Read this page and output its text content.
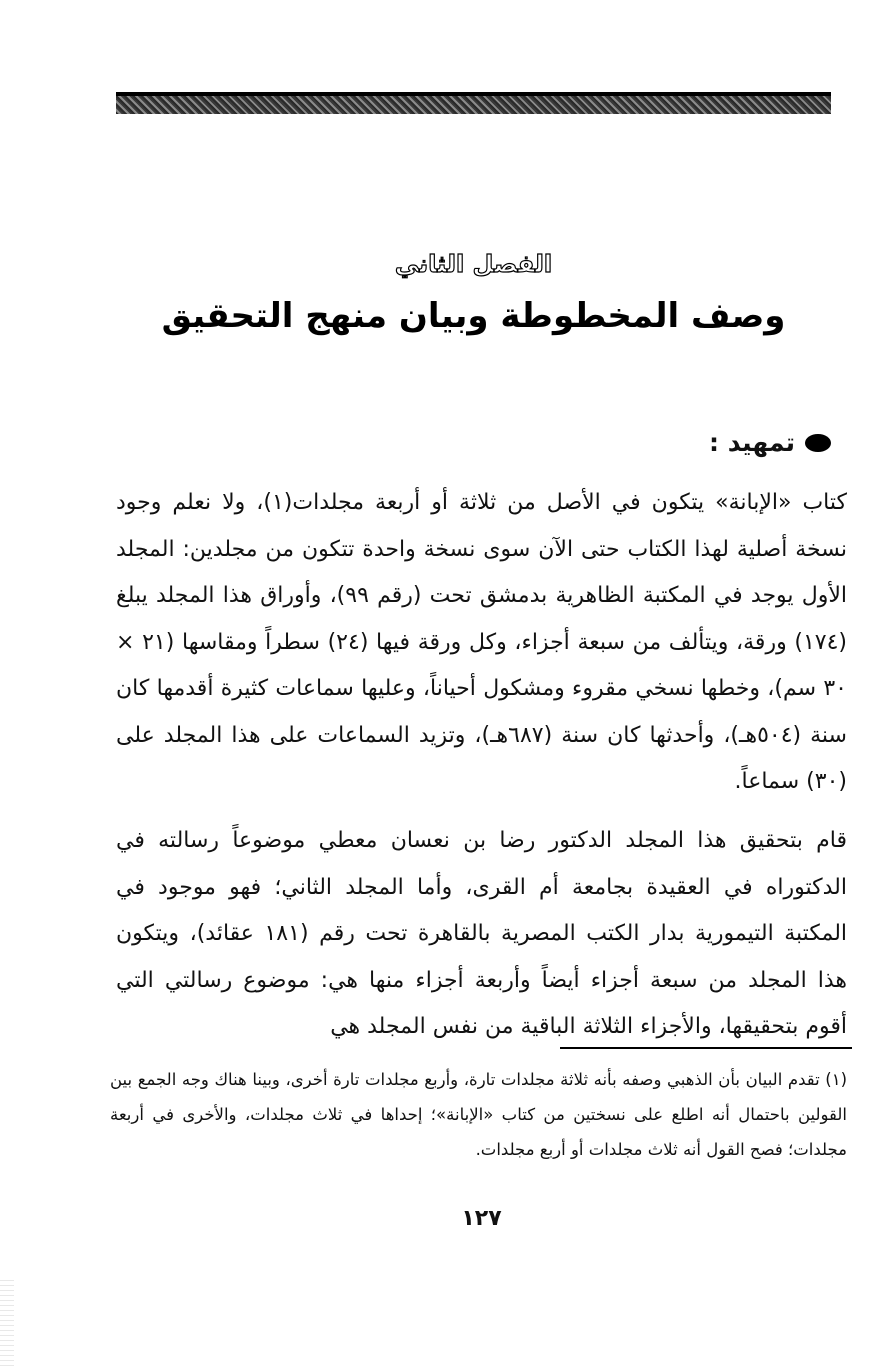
الفصل الثاني
وصف المخطوطة وبيان منهج التحقيق
تمهيد :
كتاب «الإبانة» يتكون في الأصل من ثلاثة أو أربعة مجلدات(١)، ولا نعلم وجود نسخة أصلية لهذا الكتاب حتى الآن سوى نسخة واحدة تتكون من مجلدين: المجلد الأول يوجد في المكتبة الظاهرية بدمشق تحت (رقم ٩٩)، وأوراق هذا المجلد يبلغ (١٧٤) ورقة، ويتألف من سبعة أجزاء، وكل ورقة فيها (٢٤) سطراً ومقاسها (٢١ × ٣٠ سم)، وخطها نسخي مقروء ومشكول أحياناً، وعليها سماعات كثيرة أقدمها كان سنة (٥٠٤هـ)، وأحدثها كان سنة (٦٨٧هـ)، وتزيد السماعات على هذا المجلد على (٣٠) سماعاً.
قام بتحقيق هذا المجلد الدكتور رضا بن نعسان معطي موضوعاً رسالته في الدكتوراه في العقيدة بجامعة أم القرى، وأما المجلد الثاني؛ فهو موجود في المكتبة التيمورية بدار الكتب المصرية بالقاهرة تحت رقم (١٨١ عقائد)، ويتكون هذا المجلد من سبعة أجزاء أيضاً وأربعة أجزاء منها هي: موضوع رسالتي التي أقوم بتحقيقها، والأجزاء الثلاثة الباقية من نفس المجلد هي
(١) تقدم البيان بأن الذهبي وصفه بأنه ثلاثة مجلدات تارة، وأربع مجلدات تارة أخرى، وبينا هناك وجه الجمع بين القولين باحتمال أنه اطلع على نسختين من كتاب «الإبانة»؛ إحداها في ثلاث مجلدات، والأخرى في أربعة مجلدات؛ فصح القول أنه ثلاث مجلدات أو أربع مجلدات.
١٢٧
